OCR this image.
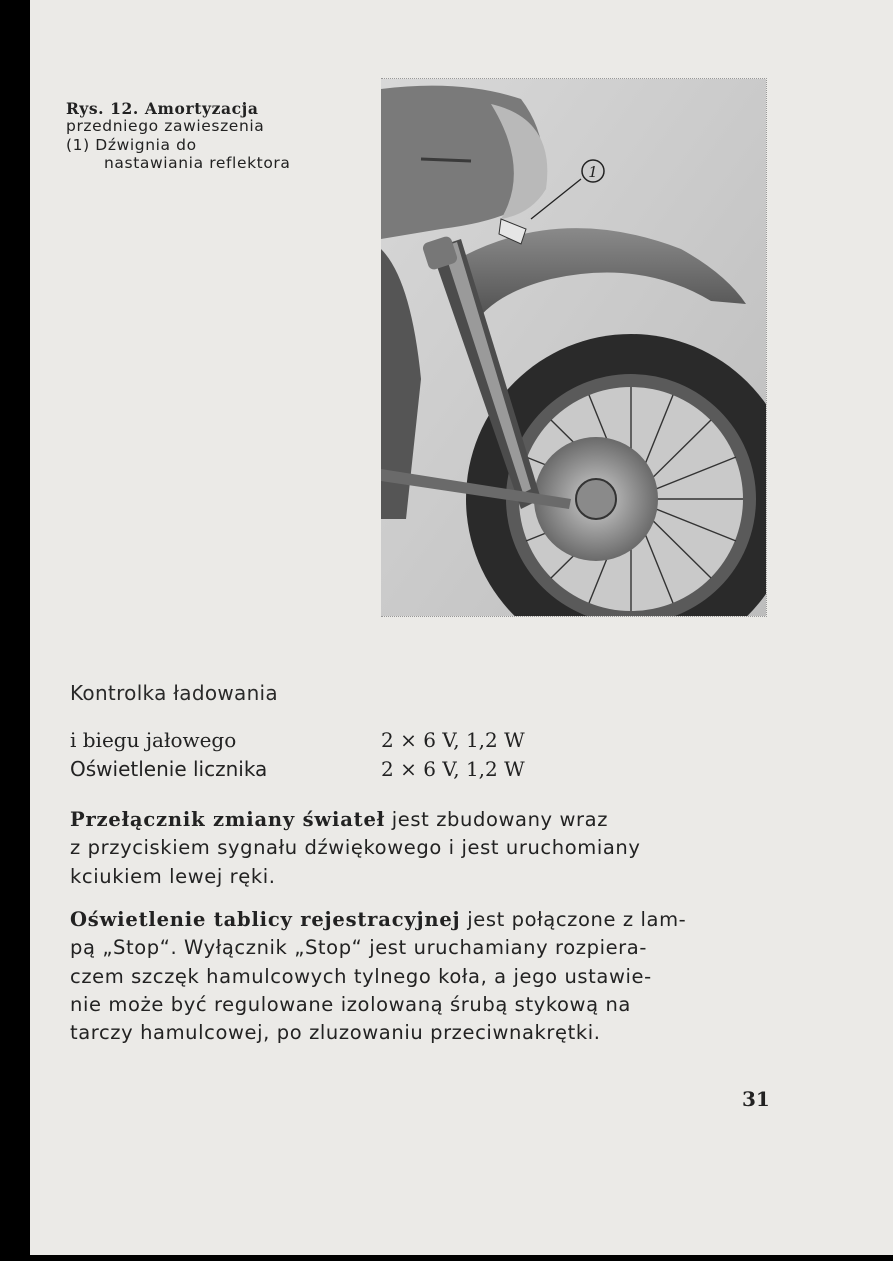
Rys. 12. Amortyzacja
przedniego zawieszenia
(1) Dźwignia do
nastawiania reflektora
1
Kontrolka ładowania
i biegu jałowego	2 × 6 V, 1,2 W
Oświetlenie licznika	2 × 6 V, 1,2 W
Przełącznik zmiany świateł jest zbudowany wraz
z przyciskiem sygnału dźwiękowego i jest uruchomiany
kciukiem lewej ręki.
Oświetlenie tablicy rejestracyjnej jest połączone z lam-
pą „Stop“. Wyłącznik „Stop“ jest uruchamiany rozpiera-
czem szczęk hamulcowych tylnego koła, a jego ustawie-
nie może być regulowane izolowaną śrubą stykową na
tarczy hamulcowej, po zluzowaniu przeciwnakrętki.
31
